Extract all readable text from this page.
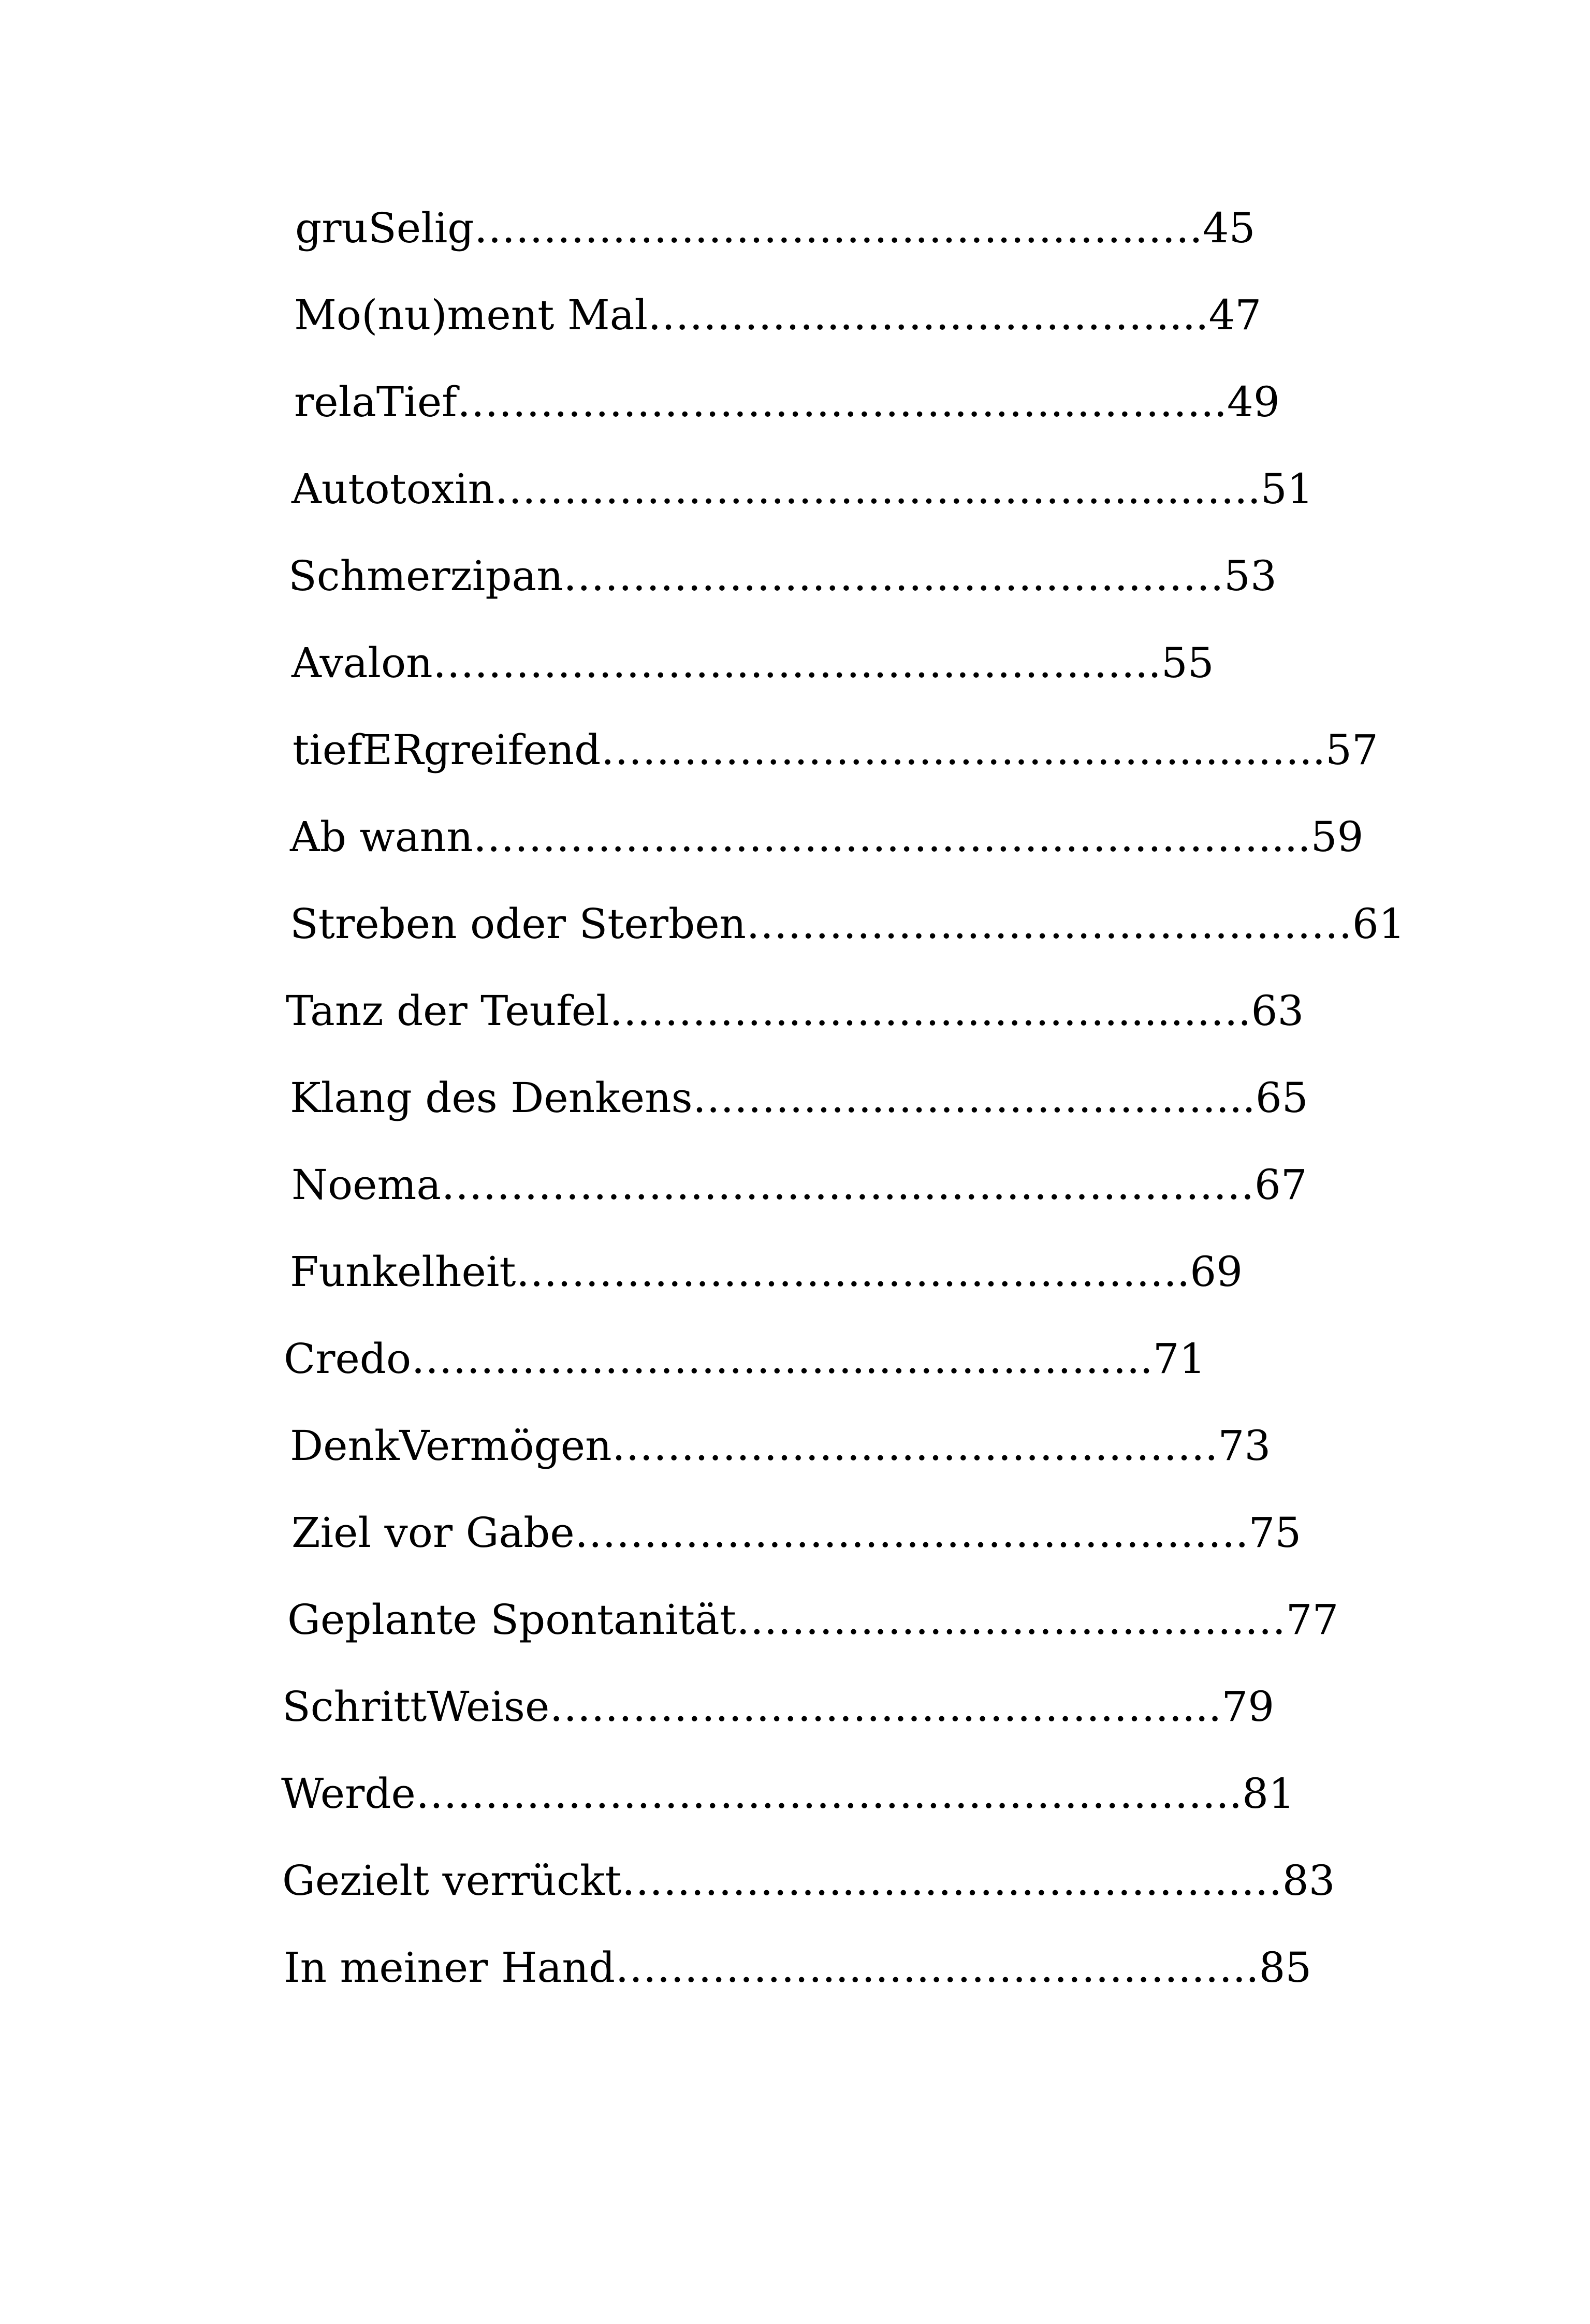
gruSelig…………….…………….…….……….….45
Mo(nu)ment Mal…………...…….……………....47
relaTief……………………………….……..………..49
Autotoxin……………………….…….……….......…..51
Schmerzipan……………………….…….…….……53
Avalon………………….……….…….…………..55
tiefERgreifend…………………….……….…….......…..57
Ab wann…………….……….…………….……………....59
Streben oder Sterben…………….………….……………61
Tanz der Teufel…………..………….……….......….63
Klang des Denkens…………..……………………...65
Noema……………………………..……………………67
Funkelheit……………………..…………………..69
Credo……………………….…...………………..71
DenkVermögen……………….…………………….73
Ziel vor Gabe……………………..…………….…….75
Geplante Spontanität……….…….………….…….…77
SchrittWeise………….………….….……………....79
Werde…………………………………….……………..81
Gezielt verrückt……………..……………………….…83
In meiner Hand……………....….……………….…..85
